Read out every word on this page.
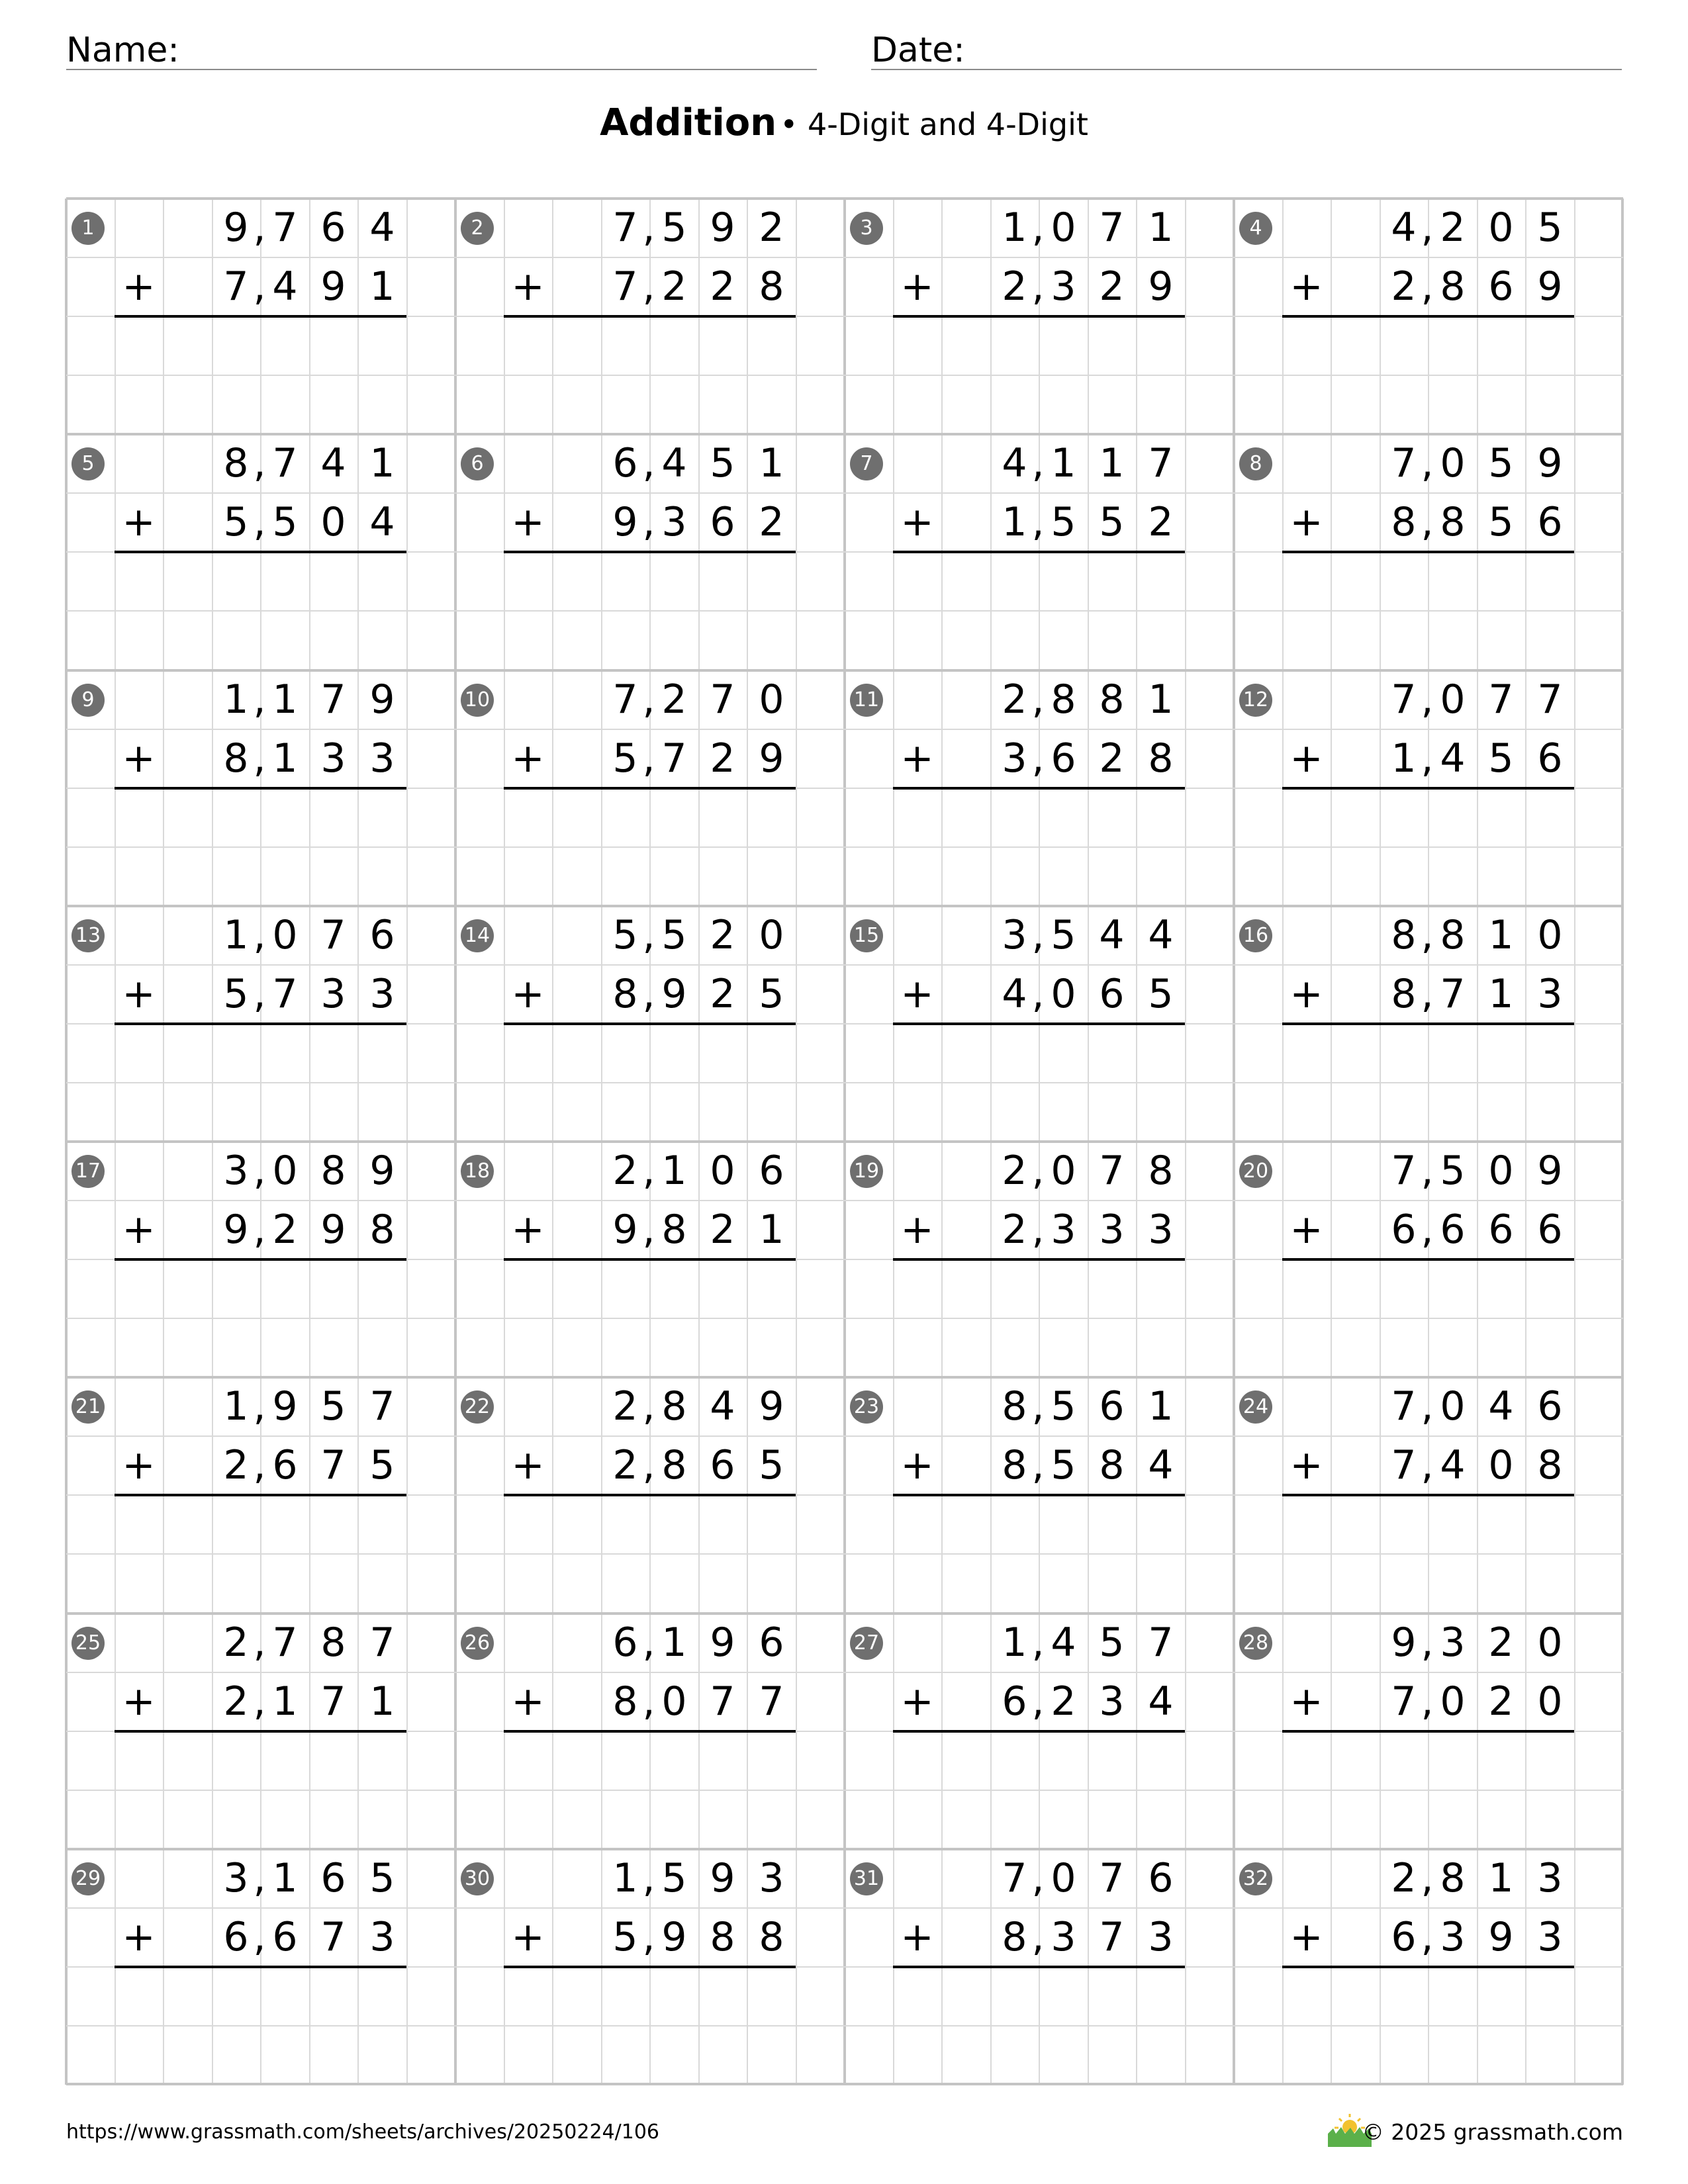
Name:	Date:
Addition • 4-Digit and 4-Digit
1	9 7 6 4
,
7 4 9 1
,
+
2	7 5 9 2
,
7 2 2 8
,
+
3	1 0 7 1
,
2 3 2 9
,
+
4	4 2 0 5
,
2 8 6 9
,
+
5	8 7 4 1
,
5 5 0 4
,
+
6	6 4 5 1
,
9 3 6 2
,
+
7	4 1 1 7
,
1 5 5 2
,
+
8	7 0 5 9
,
8 8 5 6
,
+
9	1 1 7 9
,
8 1 3 3
,
+
10	7 2 7 0
,
5 7 2 9
,
+
11	2 8 8 1
,
3 6 2 8
,
+
12	7 0 7 7
,
1 4 5 6
,
+
13	1 0 7 6
,
5 7 3 3
,
+
14	5 5 2 0
,
8 9 2 5
,
+
15	3 5 4 4
,
4 0 6 5
,
+
16	8 8 1 0
,
8 7 1 3
,
+
17	3 0 8 9
,
9 2 9 8
,
+
18	2 1 0 6
,
9 8 2 1
,
+
19	2 0 7 8
,
2 3 3 3
,
+
20	7 5 0 9
,
6 6 6 6
,
+
21	1 9 5 7
,
2 6 7 5
,
+
22	2 8 4 9
,
2 8 6 5
,
+
23	8 5 6 1
,
8 5 8 4
,
+
24	7 0 4 6
,
7 4 0 8
,
+
25	2 7 8 7
,
2 1 7 1
,
+
26	6 1 9 6
,
8 0 7 7
,
+
27	1 4 5 7
,
6 2 3 4
,
+
28	9 3 2 0
,
7 0 2 0
,
+
29	3 1 6 5
,
6 6 7 3
,
+
30	1 5 9 3
,
5 9 8 8
,
+
31	7 0 7 6
,
8 3 7 3
,
+
32	2 8 1 3
,
6 3 9 3
,
+
https://www.grassmath.com/sheets/archives/20250224/106	© 2025 grassmath.com
